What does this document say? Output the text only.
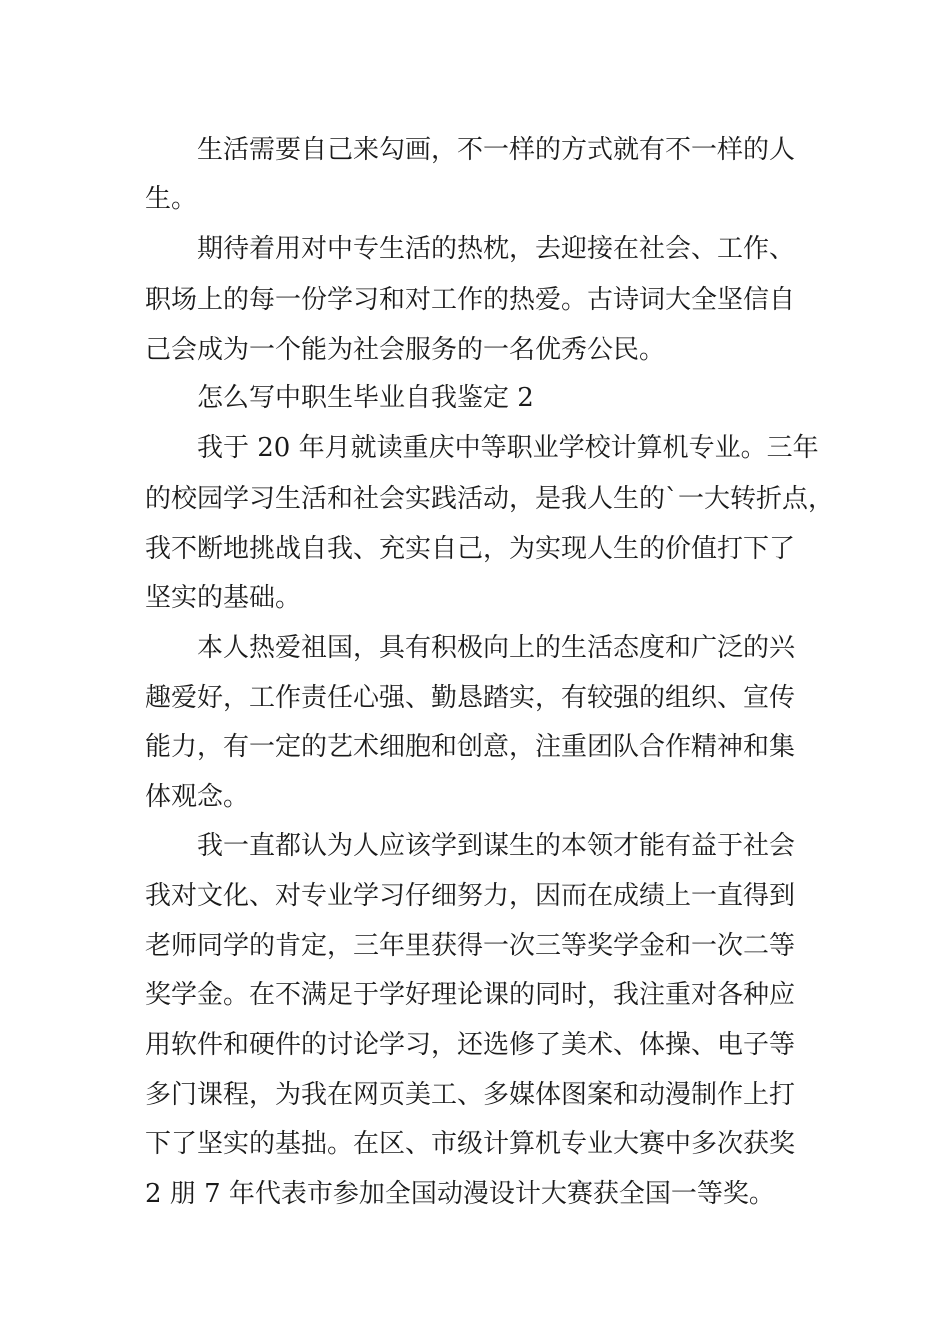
生活需要自己来勾画，不一样的方式就有不一样的人
生。
期待着用对中专生活的热枕，去迎接在社会、工作、
职场上的每一份学习和对工作的热爱。古诗词大全坚信自
己会成为一个能为社会服务的一名优秀公民。
怎么写中职生毕业自我鉴定 2
我于 20 年月就读重庆中等职业学校计算机专业。三年
的校园学习生活和社会实践活动，是我人生的`一大转折点，
我不断地挑战自我、充实自己，为实现人生的价值打下了
坚实的基础。
本人热爱祖国，具有积极向上的生活态度和广泛的兴
趣爱好，工作责任心强、勤恳踏实，有较强的组织、宣传
能力，有一定的艺术细胞和创意，注重团队合作精神和集
体观念。
我一直都认为人应该学到谋生的本领才能有益于社会
我对文化、对专业学习仔细努力，因而在成绩上一直得到
老师同学的肯定，三年里获得一次三等奖学金和一次二等
奖学金。在不满足于学好理论课的同时，我注重对各种应
用软件和硬件的讨论学习，还选修了美术、体操、电子等
多门课程，为我在网页美工、多媒体图案和动漫制作上打
下了坚实的基拙。在区、市级计算机专业大赛中多次获奖
2 朋 7 年代表市参加全国动漫设计大赛获全国一等奖。
